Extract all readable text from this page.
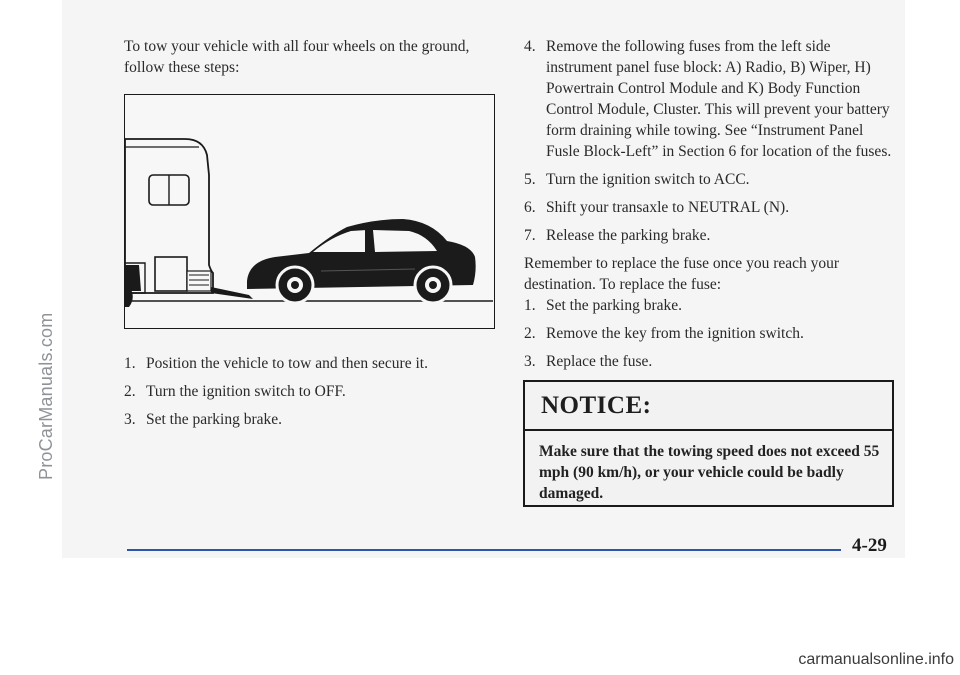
ProCarManuals.com

To tow your vehicle with all four wheels on the ground, follow these steps:

1. Position the vehicle to tow and then secure it.
2. Turn the ignition switch to OFF.
3. Set the parking brake.
4. Remove the following fuses from the left side instrument panel fuse block: A) Radio, B) Wiper, H) Powertrain Control Module and K) Body Function Control Module, Cluster. This will prevent your battery form draining while towing. See “Instrument Panel Fusle Block-Left” in Section 6 for location of the fuses.
5. Turn the ignition switch to ACC.
6. Shift your transaxle to NEUTRAL (N).
7. Release the parking brake.

Remember to replace the fuse once you reach your destination. To replace the fuse:

1. Set the parking brake.
2. Remove the key from the ignition switch.
3. Replace the fuse.
NOTICE:
Make sure that the towing speed does not exceed 55 mph (90 km/h), or your vehicle could be badly damaged.
4-29
carmanualsonline.info
